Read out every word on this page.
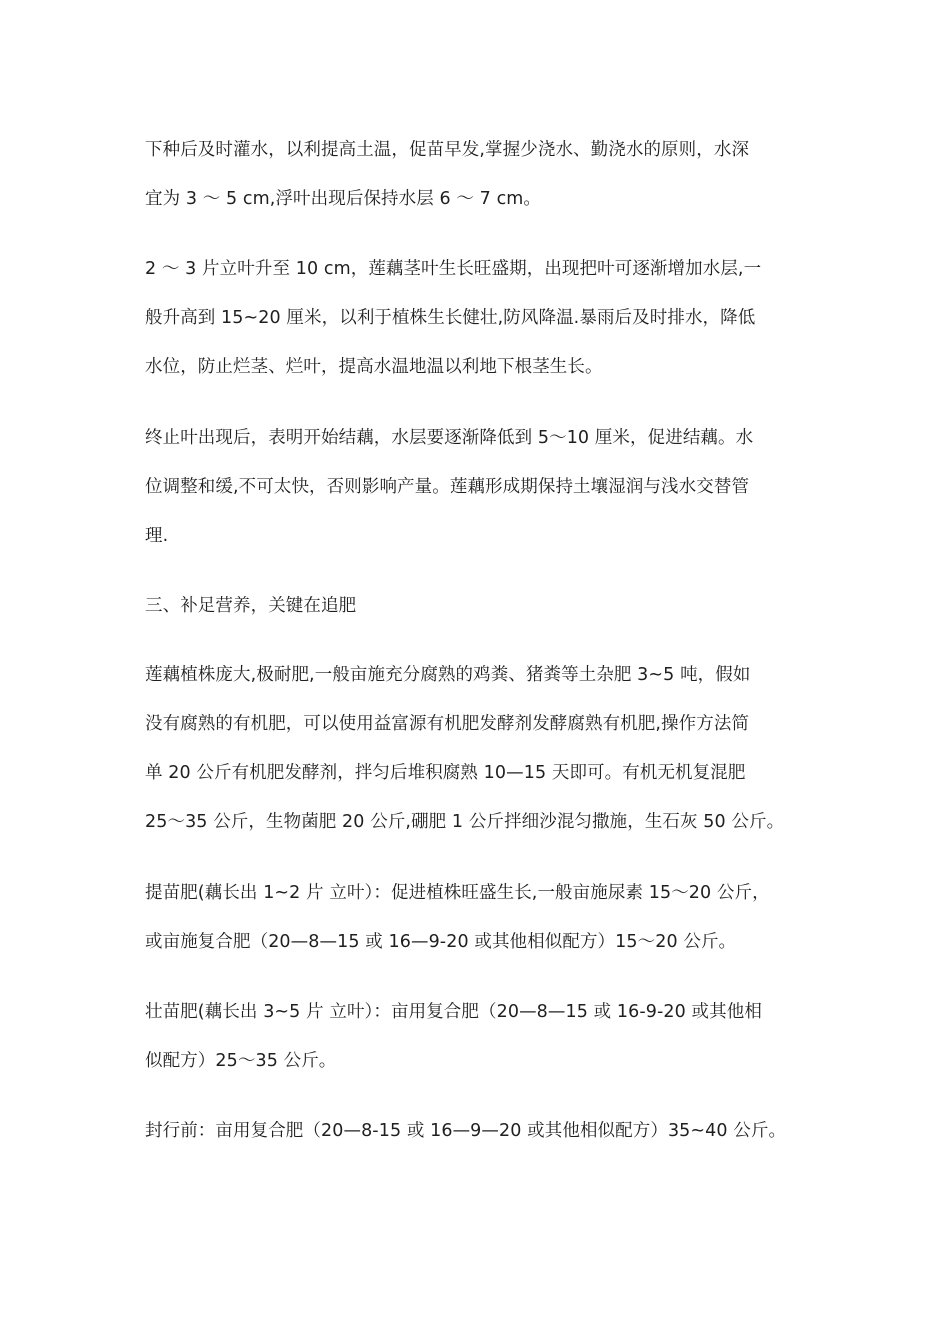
下种后及时灌水，以利提高土温，促苗早发,掌握少浇水、勤浇水的原则，水深
宜为 3 ～ 5 cm,浮叶出现后保持水层 6 ～ 7 cm。
2 ～ 3 片立叶升至 10 cm，莲藕茎叶生长旺盛期，出现把叶可逐渐增加水层,一
般升高到 15~20 厘米，以利于植株生长健壮,防风降温.暴雨后及时排水，降低
水位，防止烂茎、烂叶，提高水温地温以利地下根茎生长。
终止叶出现后，表明开始结藕，水层要逐渐降低到 5～10 厘米，促进结藕。水
位调整和缓,不可太快，否则影响产量。莲藕形成期保持土壤湿润与浅水交替管
理.
三、补足营养，关键在追肥
莲藕植株庞大,极耐肥,一般亩施充分腐熟的鸡粪、猪粪等土杂肥 3~5 吨，假如
没有腐熟的有机肥，可以使用益富源有机肥发酵剂发酵腐熟有机肥,操作方法简
单 20 公斤有机肥发酵剂，拌匀后堆积腐熟 10—15 天即可。有机无机复混肥
25～35 公斤，生物菌肥 20 公斤,硼肥 1 公斤拌细沙混匀撒施，生石灰 50 公斤。
提苗肥(藕长出 1~2 片 立叶）：促进植株旺盛生长,一般亩施尿素 15～20 公斤，
或亩施复合肥（20—8—15 或 16—9-20 或其他相似配方）15～20 公斤。
壮苗肥(藕长出 3~5 片 立叶）：亩用复合肥（20—8—15 或 16-9-20 或其他相
似配方）25～35 公斤。
封行前：亩用复合肥（20—8-15 或 16—9—20 或其他相似配方）35~40 公斤。
